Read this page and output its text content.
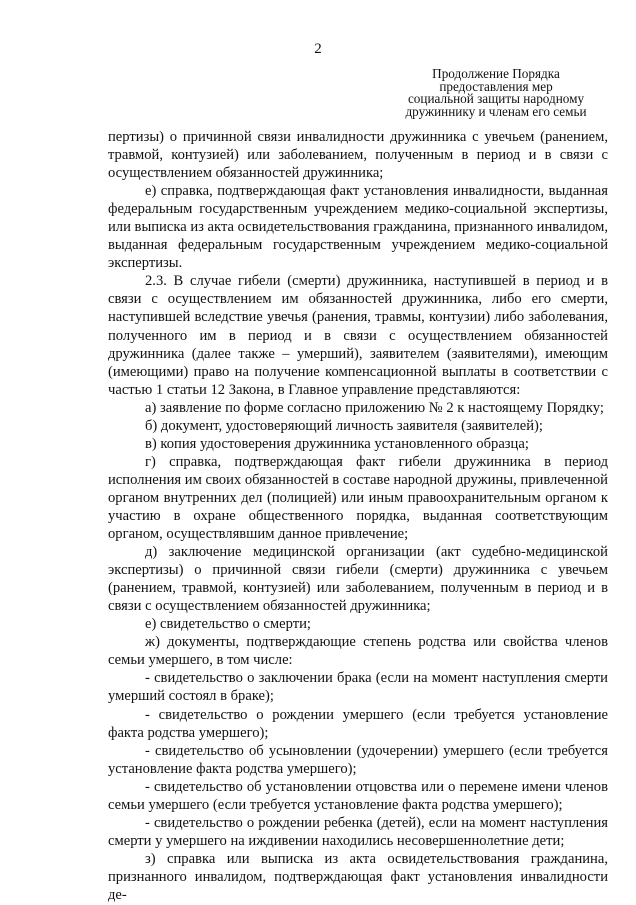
2
Продолжение Порядка
предоставления мер
социальной защиты народному
дружиннику и членам его семьи

пертизы) о причинной связи инвалидности дружинника с увечьем (ранением, травмой, контузией) или заболеванием, полученным в период и в связи с осуществлением обязанностей дружинника;

е) справка, подтверждающая факт установления инвалидности, выданная федеральным государственным учреждением медико-социальной экспертизы, или выписка из акта освидетельствования гражданина, признанного инвалидом, выданная федеральным государственным учреждением медико-социальной экспертизы.

2.3. В случае гибели (смерти) дружинника, наступившей в период и в связи с осуществлением им обязанностей дружинника, либо его смерти, наступившей вследствие увечья (ранения, травмы, контузии) либо заболевания, полученного им в период и в связи с осуществлением обязанностей дружинника (далее также – умерший), заявителем (заявителями), имеющим (имеющими) право на получение компенсационной выплаты в соответствии с частью 1 статьи 12 Закона, в Главное управление представляются:

а) заявление по форме согласно приложению № 2 к настоящему Порядку;

б) документ, удостоверяющий личность заявителя (заявителей);

в) копия удостоверения дружинника установленного образца;

г) справка, подтверждающая факт гибели дружинника в период исполнения им своих обязанностей в составе народной дружины, привлеченной органом внутренних дел (полицией) или иным правоохранительным органом к участию в охране общественного порядка, выданная соответствующим органом, осуществлявшим данное привлечение;

д) заключение медицинской организации (акт судебно-медицинской экспертизы) о причинной связи гибели (смерти) дружинника с увечьем (ранением, травмой, контузией) или заболеванием, полученным в период и в связи с осуществлением обязанностей дружинника;

е) свидетельство о смерти;

ж) документы, подтверждающие степень родства или свойства членов семьи умершего, в том числе:

- свидетельство о заключении брака (если на момент наступления смерти умерший состоял в браке);

- свидетельство о рождении умершего (если требуется установление факта родства умершего);

- свидетельство об усыновлении (удочерении) умершего (если требуется установление факта родства умершего);

- свидетельство об установлении отцовства или о перемене имени членов семьи умершего (если требуется установление факта родства умершего);

- свидетельство о рождении ребенка (детей), если на момент наступления смерти у умершего на иждивении находились несовершеннолетние дети;

з) справка или выписка из акта освидетельствования гражданина, признанного инвалидом, подтверждающая факт установления инвалидности де-
